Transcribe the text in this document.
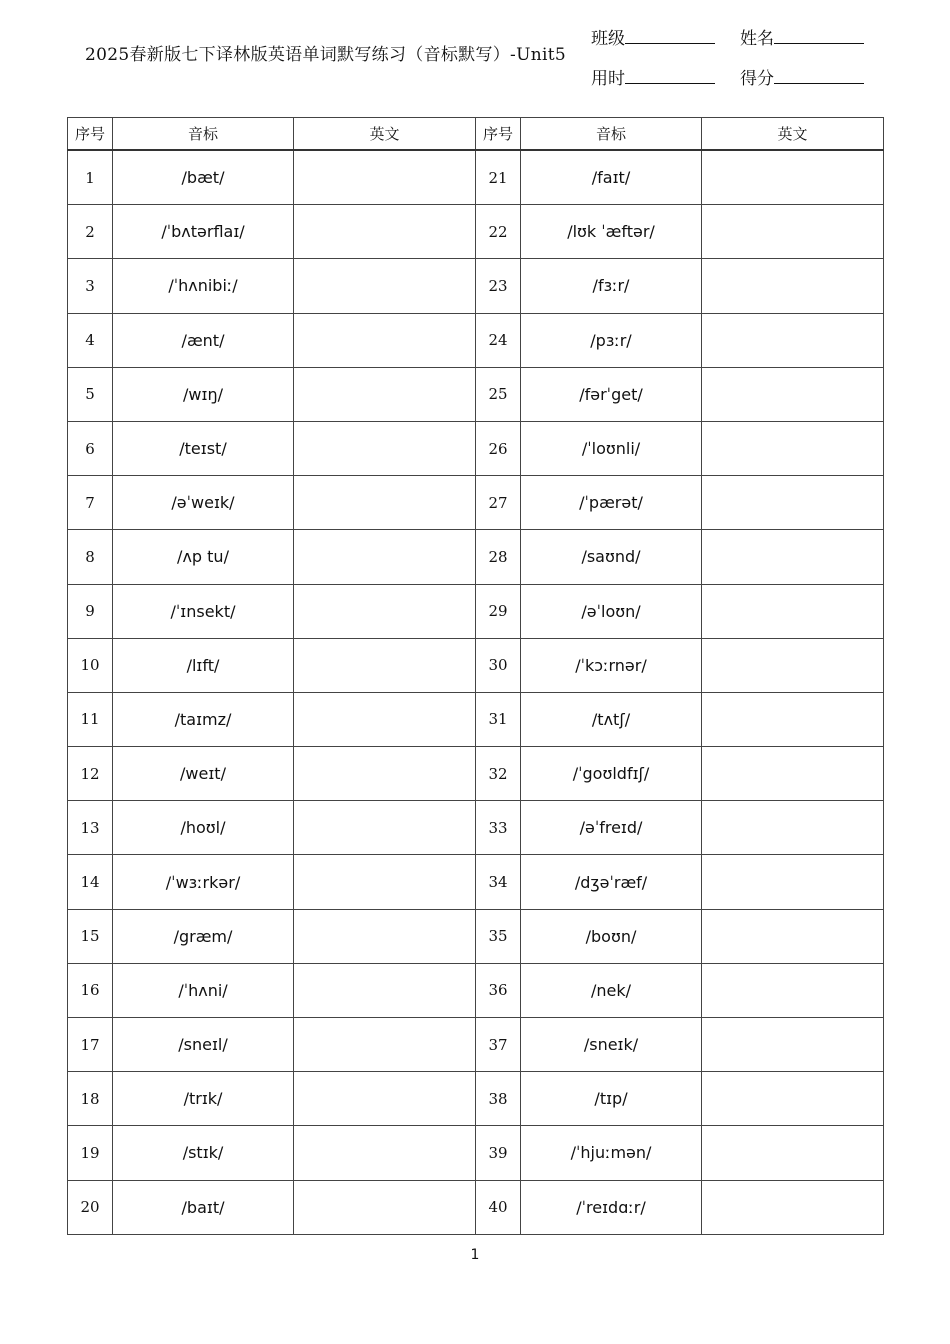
2025春新版七下译林版英语单词默写练习（音标默写）-Unit5
班级	姓名
用时	得分
序号	音标	英文	序号	音标	英文
1	/bæt/		21	/faɪt/	
2	/ˈbʌtərflaɪ/		22	/lʊk ˈæftər/	
3	/ˈhʌnibiː/		23	/fɜːr/	
4	/ænt/		24	/pɜːr/	
5	/wɪŋ/		25	/fərˈget/	
6	/teɪst/		26	/ˈloʊnli/	
7	/əˈweɪk/		27	/ˈpærət/	
8	/ʌp tu/		28	/saʊnd/	
9	/ˈɪnsekt/		29	/əˈloʊn/	
10	/lɪft/		30	/ˈkɔːrnər/	
11	/taɪmz/		31	/tʌtʃ/	
12	/weɪt/		32	/ˈgoʊldfɪʃ/	
13	/hoʊl/		33	/əˈfreɪd/	
14	/ˈwɜːrkər/		34	/dʒəˈræf/	
15	/græm/		35	/boʊn/	
16	/ˈhʌni/		36	/nek/	
17	/sneɪl/		37	/sneɪk/	
18	/trɪk/		38	/tɪp/	
19	/stɪk/		39	/ˈhjuːmən/	
20	/baɪt/		40	/ˈreɪdɑːr/	
1
